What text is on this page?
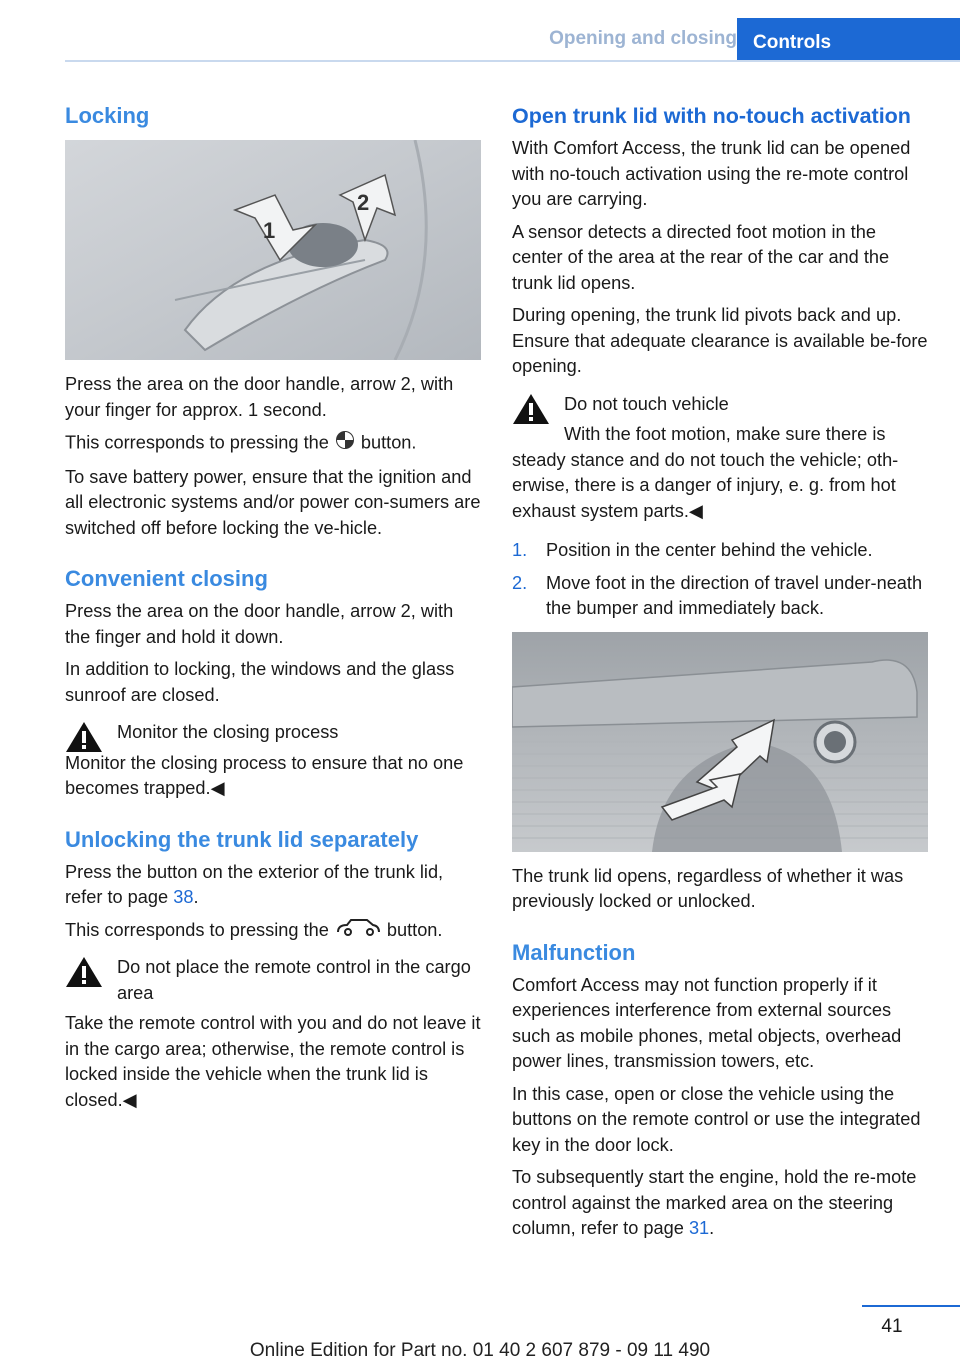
Opening and closing Controls
Locking
1
2

Press the area on the door handle, arrow 2, with your finger for approx. 1 second.

This corresponds to pressing the button.

To save battery power, ensure that the ignition and all electronic systems and/or power con-sumers are switched off before locking the ve-hicle.

Convenient closing

Press the area on the door handle, arrow 2, with the finger and hold it down.

In addition to locking, the windows and the glass sunroof are closed.

Monitor the closing process
Monitor the closing process to ensure that no one becomes trapped.◀
Unlocking the trunk lid separately

Press the button on the exterior of the trunk lid, refer to page 38.

This corresponds to pressing the	button.

Do not place the remote control in the cargo area
Take the remote control with you and do not leave it in the cargo area; otherwise, the remote control is locked inside the vehicle when the trunk lid is closed.◀
Open trunk lid with no-touch activation

With Comfort Access, the trunk lid can be opened with no-touch activation using the re-mote control you are carrying.

A sensor detects a directed foot motion in the center of the area at the rear of the car and the trunk lid opens.

During opening, the trunk lid pivots back and up. Ensure that adequate clearance is available be-fore opening.

Do not touch vehicle
With the foot motion, make sure there is
steady stance and do not touch the vehicle; oth-erwise, there is a danger of injury, e. g. from hot exhaust system parts.◀
1. Position in the center behind the vehicle.
2. Move foot in the direction of travel under-neath the bumper and immediately back.

The trunk lid opens, regardless of whether it was previously locked or unlocked.

Malfunction

Comfort Access may not function properly if it experiences interference from external sources such as mobile phones, metal objects, overhead power lines, transmission towers, etc.

In this case, open or close the vehicle using the buttons on the remote control or use the integrated key in the door lock.

To subsequently start the engine, hold the re-mote control against the marked area on the steering column, refer to page 31.

41
Online Edition for Part no. 01 40 2 607 879 - 09 11 490
